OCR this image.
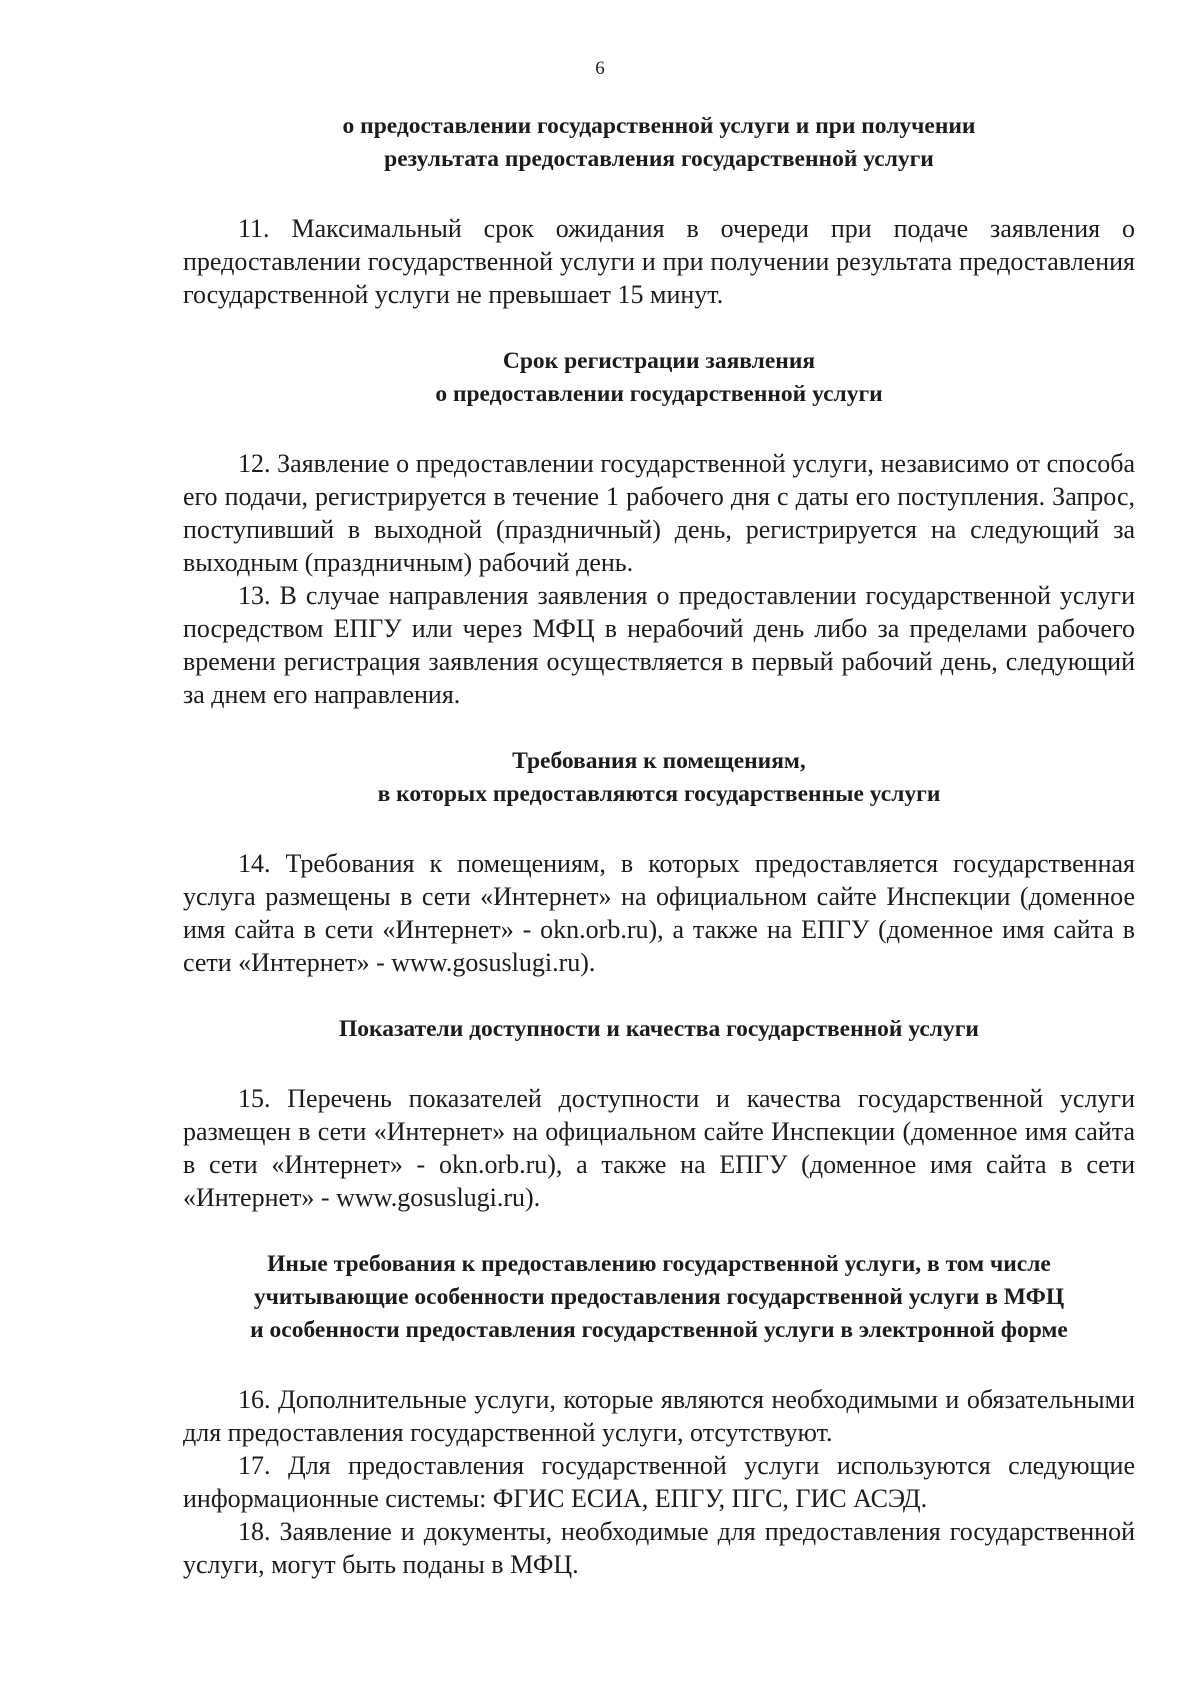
6
о предоставлении государственной услуги и при получении
результата предоставления государственной услуги

11. Максимальный срок ожидания в очереди при подаче заявления о предоставлении государственной услуги и при получении результата предоставления государственной услуги не превышает 15 минут.

Срок регистрации заявления
о предоставлении государственной услуги

12. Заявление о предоставлении государственной услуги, независимо от способа его подачи, регистрируется в течение 1 рабочего дня с даты его поступления. Запрос, поступивший в выходной (праздничный) день, регистрируется на следующий за выходным (праздничным) рабочий день.

13. В случае направления заявления о предоставлении государственной услуги посредством ЕПГУ или через МФЦ в нерабочий день либо за пределами рабочего времени регистрация заявления осуществляется в первый рабочий день, следующий за днем его направления.

Требования к помещениям,
в которых предоставляются государственные услуги

14. Требования к помещениям, в которых предоставляется государственная услуга размещены в сети «Интернет» на официальном сайте Инспекции (доменное имя сайта в сети «Интернет» - okn.orb.ru), а также на ЕПГУ (доменное имя сайта в сети «Интернет» - www.gosuslugi.ru).

Показатели доступности и качества государственной услуги

15. Перечень показателей доступности и качества государственной услуги размещен в сети «Интернет» на официальном сайте Инспекции (доменное имя сайта в сети «Интернет» - okn.orb.ru), а также на ЕПГУ (доменное имя сайта в сети «Интернет» - www.gosuslugi.ru).

Иные требования к предоставлению государственной услуги, в том числе
учитывающие особенности предоставления государственной услуги в МФЦ
и особенности предоставления государственной услуги в электронной форме

16. Дополнительные услуги, которые являются необходимыми и обязательными для предоставления государственной услуги, отсутствуют.

17. Для предоставления государственной услуги используются следующие информационные системы: ФГИС ЕСИА, ЕПГУ, ПГС, ГИС АСЭД.

18. Заявление и документы, необходимые для предоставления государственной услуги, могут быть поданы в МФЦ.
